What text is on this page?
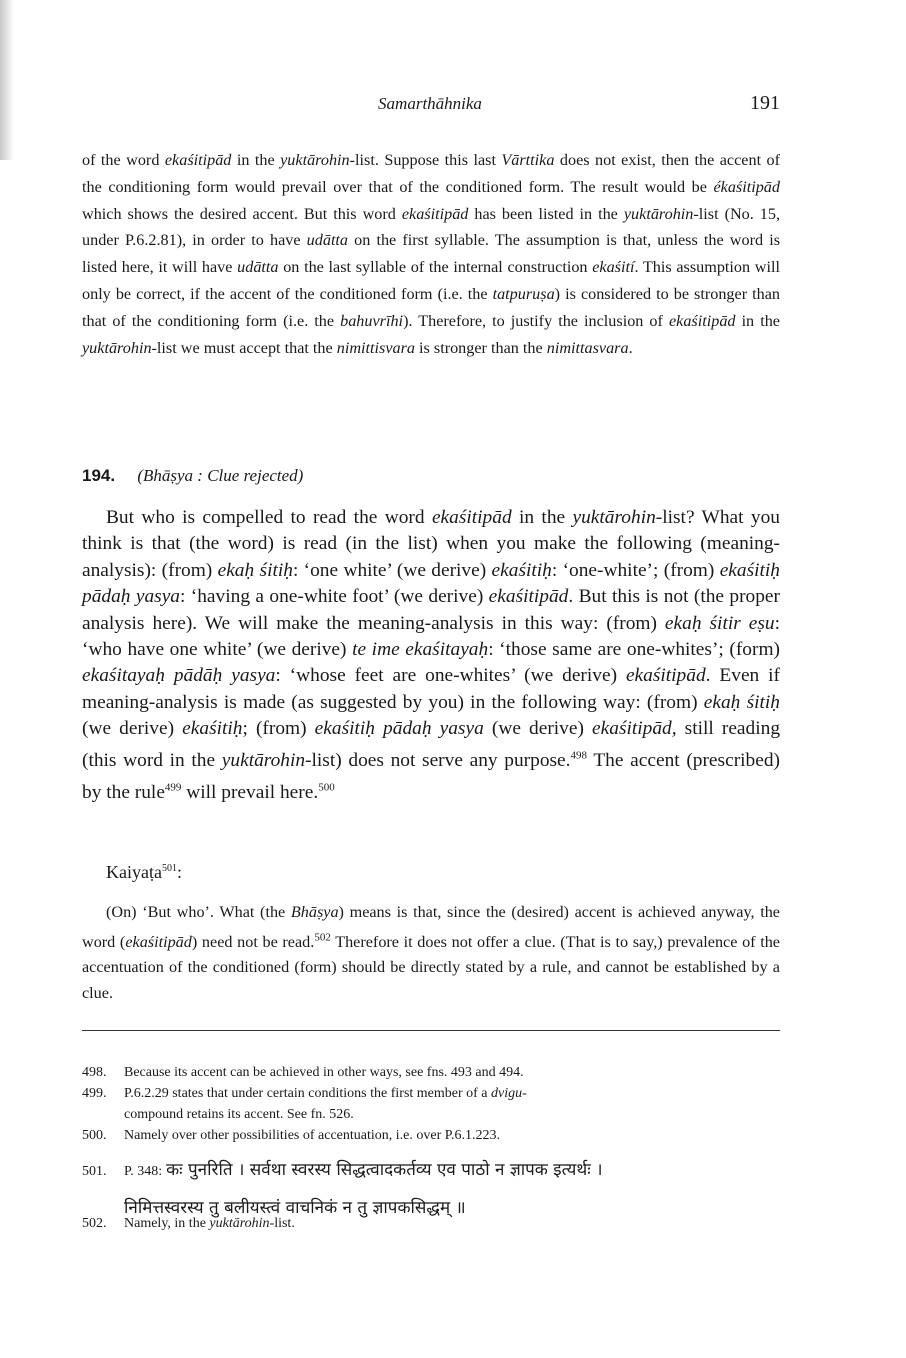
Samarthāhnika	191
of the word ekaśitipād in the yuktārohin-list. Suppose this last Vārttika does not exist, then the accent of the conditioning form would prevail over that of the conditioned form. The result would be ékaśitipād which shows the desired accent. But this word ekaśitipād has been listed in the yuktārohin-list (No. 15, under P.6.2.81), in order to have udātta on the first syllable. The assumption is that, unless the word is listed here, it will have udātta on the last syllable of the internal construction ekaśití. This assumption will only be correct, if the accent of the conditioned form (i.e. the tatpuruṣa) is considered to be stronger than that of the conditioning form (i.e. the bahuvrīhi). Therefore, to justify the inclusion of ekaśitipād in the yuktārohin-list we must accept that the nimittisvara is stronger than the nimittasvara.
194. (Bhāṣya : Clue rejected)
But who is compelled to read the word ekaśitipād in the yuktārohin-list? What you think is that (the word) is read (in the list) when you make the following (meaning-analysis): (from) ekaḥ śitiḥ: ‘one white’ (we derive) ekaśitiḥ: ‘one-white’; (from) ekaśitiḥ pādaḥ yasya: ‘having a one-white foot’ (we derive) ekaśitipād. But this is not (the proper analysis here). We will make the meaning-analysis in this way: (from) ekaḥ śitir eṣu: ‘who have one white’ (we derive) te ime ekaśitayaḥ: ‘those same are one-whites’; (form) ekaśitayaḥ pādāḥ yasya: ‘whose feet are one-whites’ (we derive) ekaśitipād. Even if meaning-analysis is made (as suggested by you) in the following way: (from) ekaḥ śitiḥ (we derive) ekaśitiḥ; (from) ekaśitiḥ pādaḥ yasya (we derive) ekaśitipād, still reading (this word in the yuktārohin-list) does not serve any purpose.$^{498}$ The accent (prescribed) by the rule$^{499}$ will prevail here.$^{500}$
Kaiyaṭa$^{501}$:
(On) ‘But who’. What (the Bhāṣya) means is that, since the (desired) accent is achieved anyway, the word (ekaśitipād) need not be read.$^{502}$ Therefore it does not offer a clue. (That is to say,) prevalence of the accentuation of the conditioned (form) should be directly stated by a rule, and cannot be established by a clue.
498. Because its accent can be achieved in other ways, see fns. 493 and 494.
499. P.6.2.29 states that under certain conditions the first member of a dvigu-
compound retains its accent. See fn. 526.
500. Namely over other possibilities of accentuation, i.e. over P.6.1.223.
501. P. 348: कः पुनरिति । सर्वथा स्वरस्य सिद्धत्वादकर्तव्य एव पाठो न ज्ञापक इत्यर्थः ।
निमित्तस्वरस्य तु बलीयस्त्वं वाचनिकं न तु ज्ञापकसिद्धम् ॥
502. Namely, in the yuktārohin-list.
